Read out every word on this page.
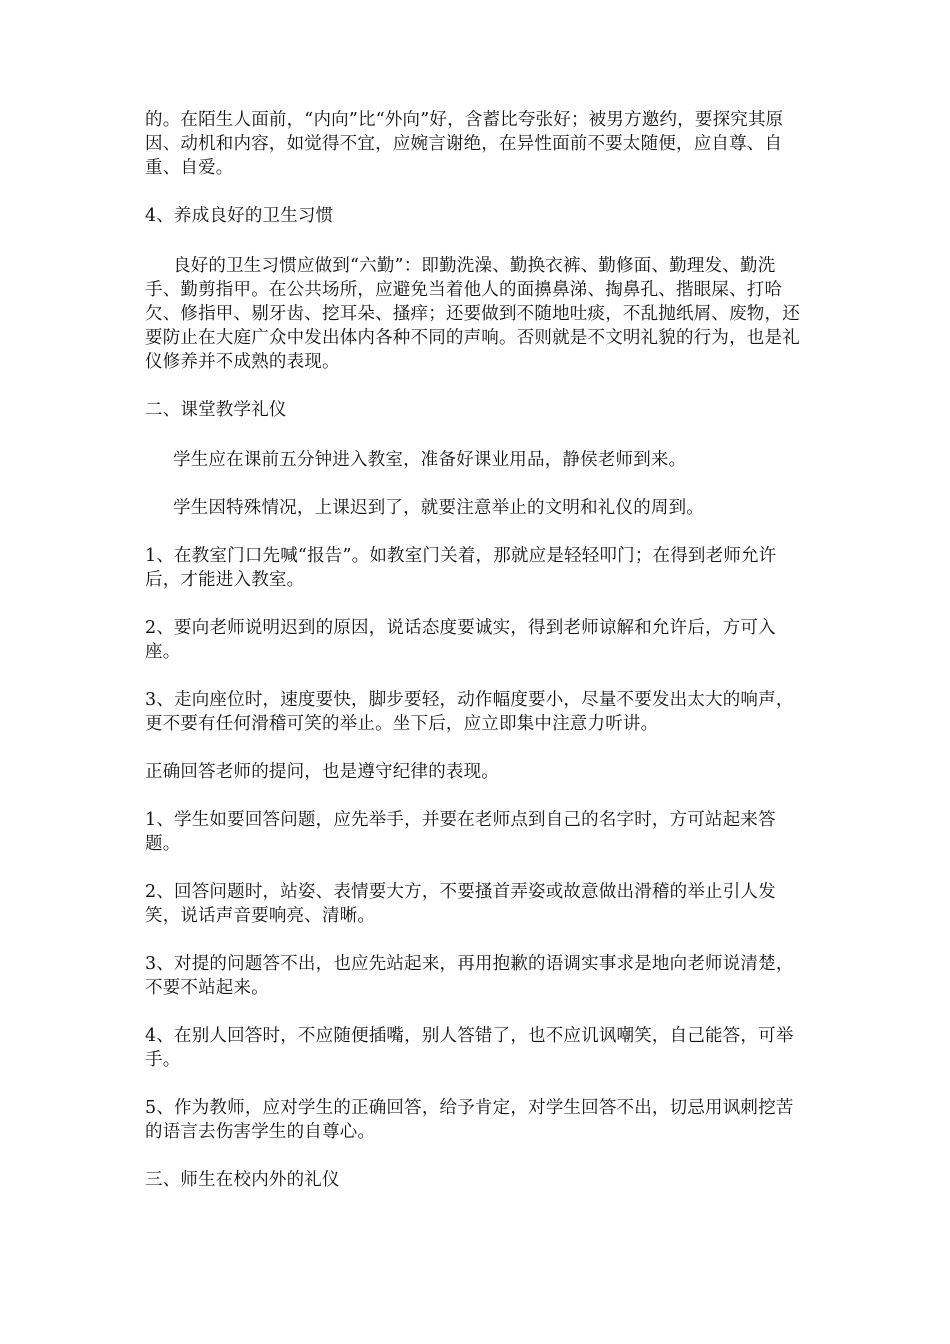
的。在陌生人面前，“内向”比“外向”好，含蓄比夸张好；被男方邀约，要探究其原因、动机和内容，如觉得不宜，应婉言谢绝，在异性面前不要太随便，应自尊、自重、自爱。

4、养成良好的卫生习惯

良好的卫生习惯应做到“六勤”：即勤洗澡、勤换衣裤、勤修面、勤理发、勤洗手、勤剪指甲。在公共场所，应避免当着他人的面擤鼻涕、掏鼻孔、揩眼屎、打哈欠、修指甲、剔牙齿、挖耳朵、搔痒；还要做到不随地吐痰，不乱抛纸屑、废物，还要防止在大庭广众中发出体内各种不同的声响。否则就是不文明礼貌的行为，也是礼仪修养并不成熟的表现。

二、课堂教学礼仪

学生应在课前五分钟进入教室，准备好课业用品，静侯老师到来。

学生因特殊情况，上课迟到了，就要注意举止的文明和礼仪的周到。

1、在教室门口先喊“报告”。如教室门关着，那就应是轻轻叩门；在得到老师允许后，才能进入教室。

2、要向老师说明迟到的原因，说话态度要诚实，得到老师谅解和允许后，方可入座。

3、走向座位时，速度要快，脚步要轻，动作幅度要小，尽量不要发出太大的响声，更不要有任何滑稽可笑的举止。坐下后，应立即集中注意力听讲。

正确回答老师的提问，也是遵守纪律的表现。

1、学生如要回答问题，应先举手，并要在老师点到自己的名字时，方可站起来答题。

2、回答问题时，站姿、表情要大方，不要搔首弄姿或故意做出滑稽的举止引人发笑，说话声音要响亮、清晰。

3、对提的问题答不出，也应先站起来，再用抱歉的语调实事求是地向老师说清楚，不要不站起来。

4、在别人回答时，不应随便插嘴，别人答错了，也不应讥讽嘲笑，自己能答，可举手。

5、作为教师，应对学生的正确回答，给予肯定，对学生回答不出，切忌用讽刺挖苦的语言去伤害学生的自尊心。

三、师生在校内外的礼仪
